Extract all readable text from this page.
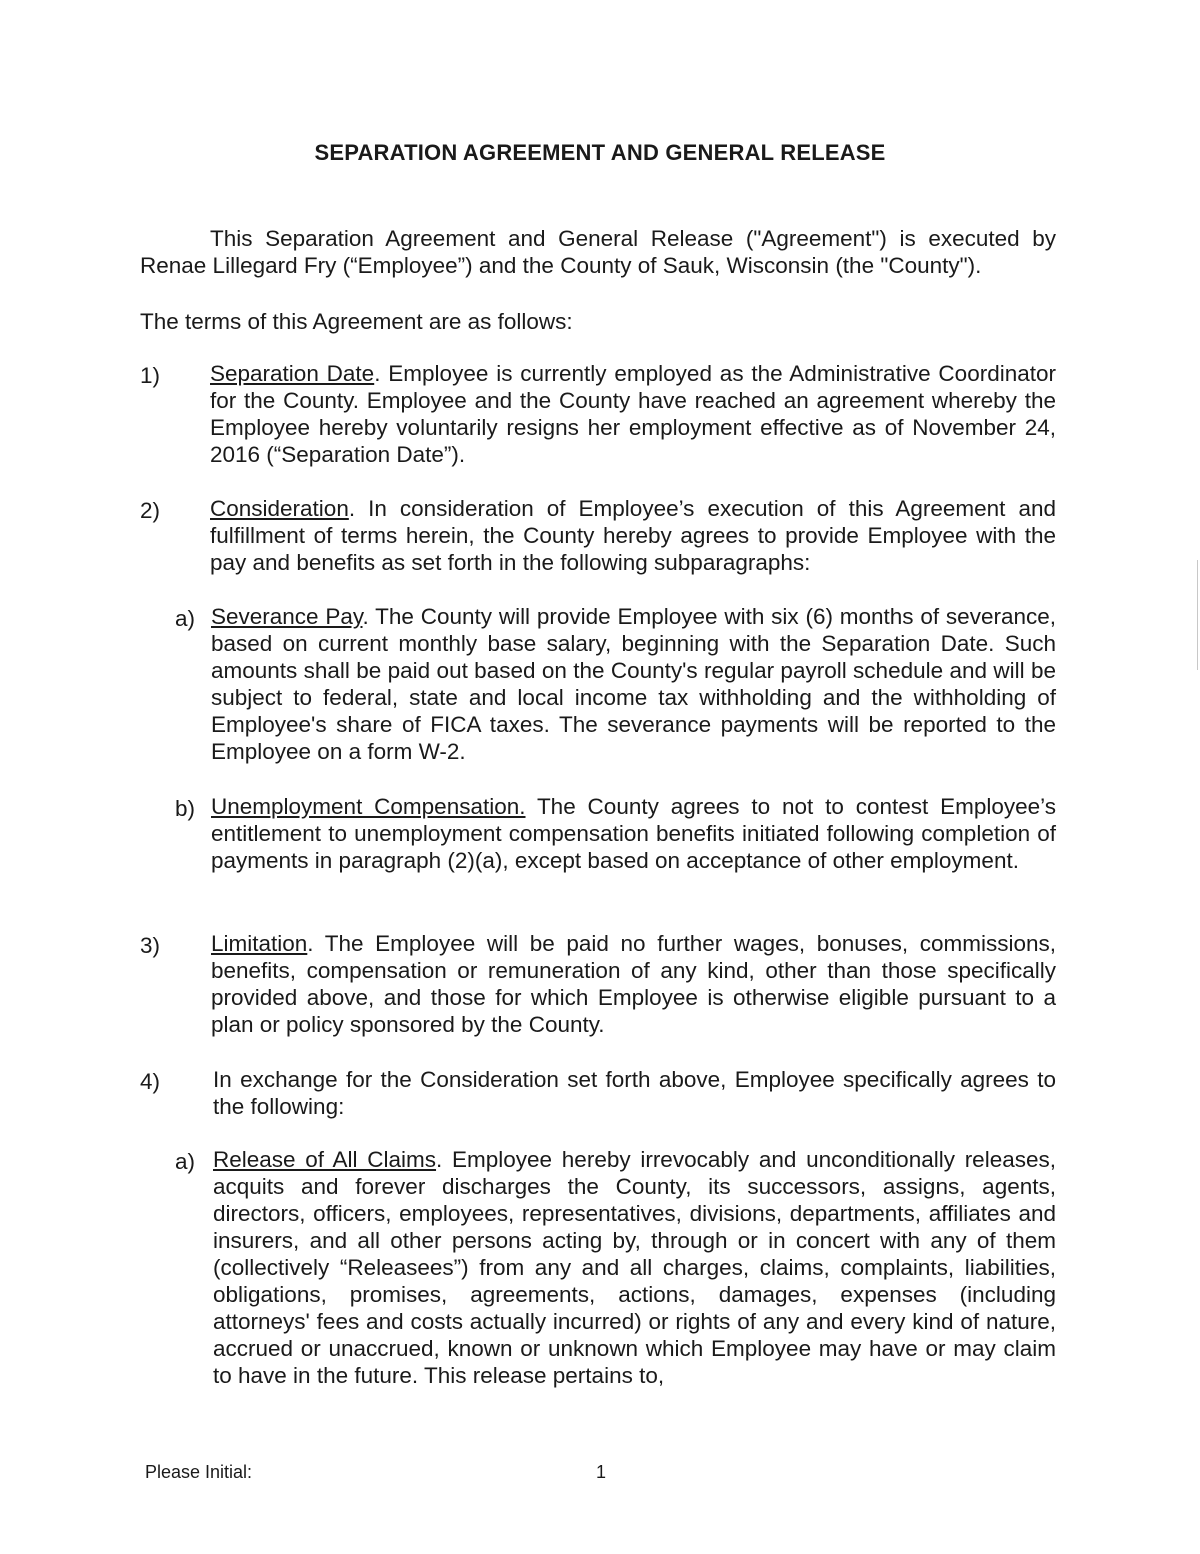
SEPARATION AGREEMENT AND GENERAL RELEASE
This Separation Agreement and General Release ("Agreement") is executed by Renae Lillegard Fry (“Employee”) and the County of Sauk, Wisconsin (the "County").
The terms of this Agreement are as follows:
1) Separation Date. Employee is currently employed as the Administrative Coordinator for the County. Employee and the County have reached an agreement whereby the Employee hereby voluntarily resigns her employment effective as of November 24, 2016 (“Separation Date”).
2) Consideration. In consideration of Employee’s execution of this Agreement and fulfillment of terms herein, the County hereby agrees to provide Employee with the pay and benefits as set forth in the following subparagraphs:
a) Severance Pay. The County will provide Employee with six (6) months of severance, based on current monthly base salary, beginning with the Separation Date. Such amounts shall be paid out based on the County's regular payroll schedule and will be subject to federal, state and local income tax withholding and the withholding of Employee's share of FICA taxes. The severance payments will be reported to the Employee on a form W-2.
b) Unemployment Compensation. The County agrees to not to contest Employee’s entitlement to unemployment compensation benefits initiated following completion of payments in paragraph (2)(a), except based on acceptance of other employment.
3) Limitation. The Employee will be paid no further wages, bonuses, commissions, benefits, compensation or remuneration of any kind, other than those specifically provided above, and those for which Employee is otherwise eligible pursuant to a plan or policy sponsored by the County.
4) In exchange for the Consideration set forth above, Employee specifically agrees to the following:
a) Release of All Claims. Employee hereby irrevocably and unconditionally releases, acquits and forever discharges the County, its successors, assigns, agents, directors, officers, employees, representatives, divisions, departments, affiliates and insurers, and all other persons acting by, through or in concert with any of them (collectively “Releasees”) from any and all charges, claims, complaints, liabilities, obligations, promises, agreements, actions, damages, expenses (including attorneys' fees and costs actually incurred) or rights of any and every kind of nature, accrued or unaccrued, known or unknown which Employee may have or may claim to have in the future. This release pertains to,
Please Initial:	1
